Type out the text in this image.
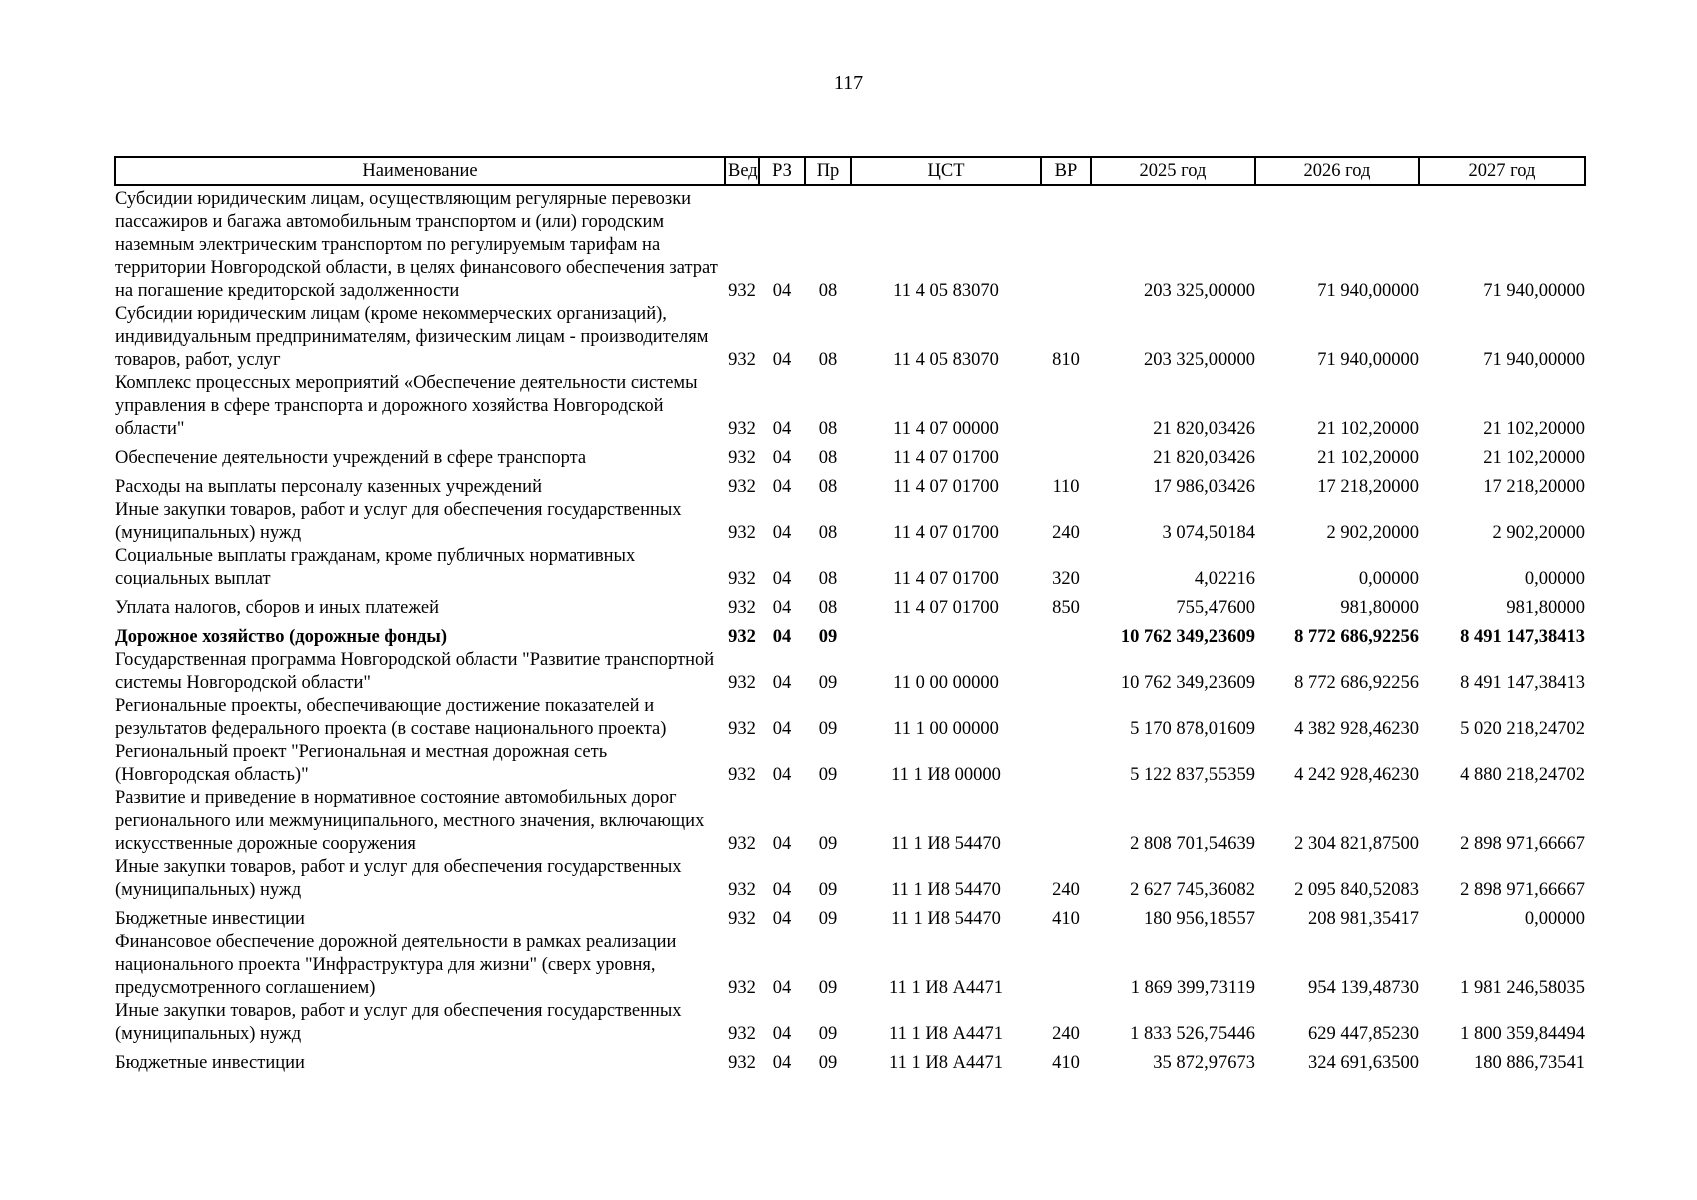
117
Наименование	Вед	РЗ	Пр	ЦСТ	ВР	2025 год	2026 год	2027 год
Субсидии юридическим лицам, осуществляющим регулярные перевозки пассажиров и багажа автомобильным транспортом и (или) городским наземным электрическим транспортом по регулируемым тарифам на территории Новгородской области, в целях финансового обеспечения затрат на погашение кредиторской задолженности	932	04	08	11 4 05 83070		203 325,00000	71 940,00000	71 940,00000
Субсидии юридическим лицам (кроме некоммерческих организаций), индивидуальным предпринимателям, физическим лицам - производителям товаров, работ, услуг	932	04	08	11 4 05 83070	810	203 325,00000	71 940,00000	71 940,00000
Комплекс процессных мероприятий «Обеспечение деятельности системы управления в сфере транспорта и дорожного хозяйства Новгородской области"	932	04	08	11 4 07 00000		21 820,03426	21 102,20000	21 102,20000
Обеспечение деятельности учреждений в сфере транспорта	932	04	08	11 4 07 01700		21 820,03426	21 102,20000	21 102,20000
Расходы на выплаты персоналу казенных учреждений	932	04	08	11 4 07 01700	110	17 986,03426	17 218,20000	17 218,20000
Иные закупки товаров, работ и услуг для обеспечения государственных (муниципальных) нужд	932	04	08	11 4 07 01700	240	3 074,50184	2 902,20000	2 902,20000
Социальные выплаты гражданам, кроме публичных нормативных социальных выплат	932	04	08	11 4 07 01700	320	4,02216	0,00000	0,00000
Уплата налогов, сборов и иных платежей	932	04	08	11 4 07 01700	850	755,47600	981,80000	981,80000
Дорожное хозяйство (дорожные фонды)	932	04	09			10 762 349,23609	8 772 686,92256	8 491 147,38413
Государственная программа Новгородской области "Развитие транспортной системы Новгородской области"	932	04	09	11 0 00 00000		10 762 349,23609	8 772 686,92256	8 491 147,38413
Региональные проекты, обеспечивающие достижение показателей и результатов федерального проекта (в составе национального проекта)	932	04	09	11 1 00 00000		5 170 878,01609	4 382 928,46230	5 020 218,24702
Региональный проект "Региональная и местная дорожная сеть (Новгородская область)"	932	04	09	11 1 И8 00000		5 122 837,55359	4 242 928,46230	4 880 218,24702
Развитие и приведение в нормативное состояние автомобильных дорог регионального или межмуниципального, местного значения, включающих искусственные дорожные сооружения	932	04	09	11 1 И8 54470		2 808 701,54639	2 304 821,87500	2 898 971,66667
Иные закупки товаров, работ и услуг для обеспечения государственных (муниципальных) нужд	932	04	09	11 1 И8 54470	240	2 627 745,36082	2 095 840,52083	2 898 971,66667
Бюджетные инвестиции	932	04	09	11 1 И8 54470	410	180 956,18557	208 981,35417	0,00000
Финансовое обеспечение дорожной деятельности в рамках реализации национального проекта "Инфраструктура для жизни" (сверх уровня, предусмотренного соглашением)	932	04	09	11 1 И8 А4471		1 869 399,73119	954 139,48730	1 981 246,58035
Иные закупки товаров, работ и услуг для обеспечения государственных (муниципальных) нужд	932	04	09	11 1 И8 А4471	240	1 833 526,75446	629 447,85230	1 800 359,84494
Бюджетные инвестиции	932	04	09	11 1 И8 А4471	410	35 872,97673	324 691,63500	180 886,73541
